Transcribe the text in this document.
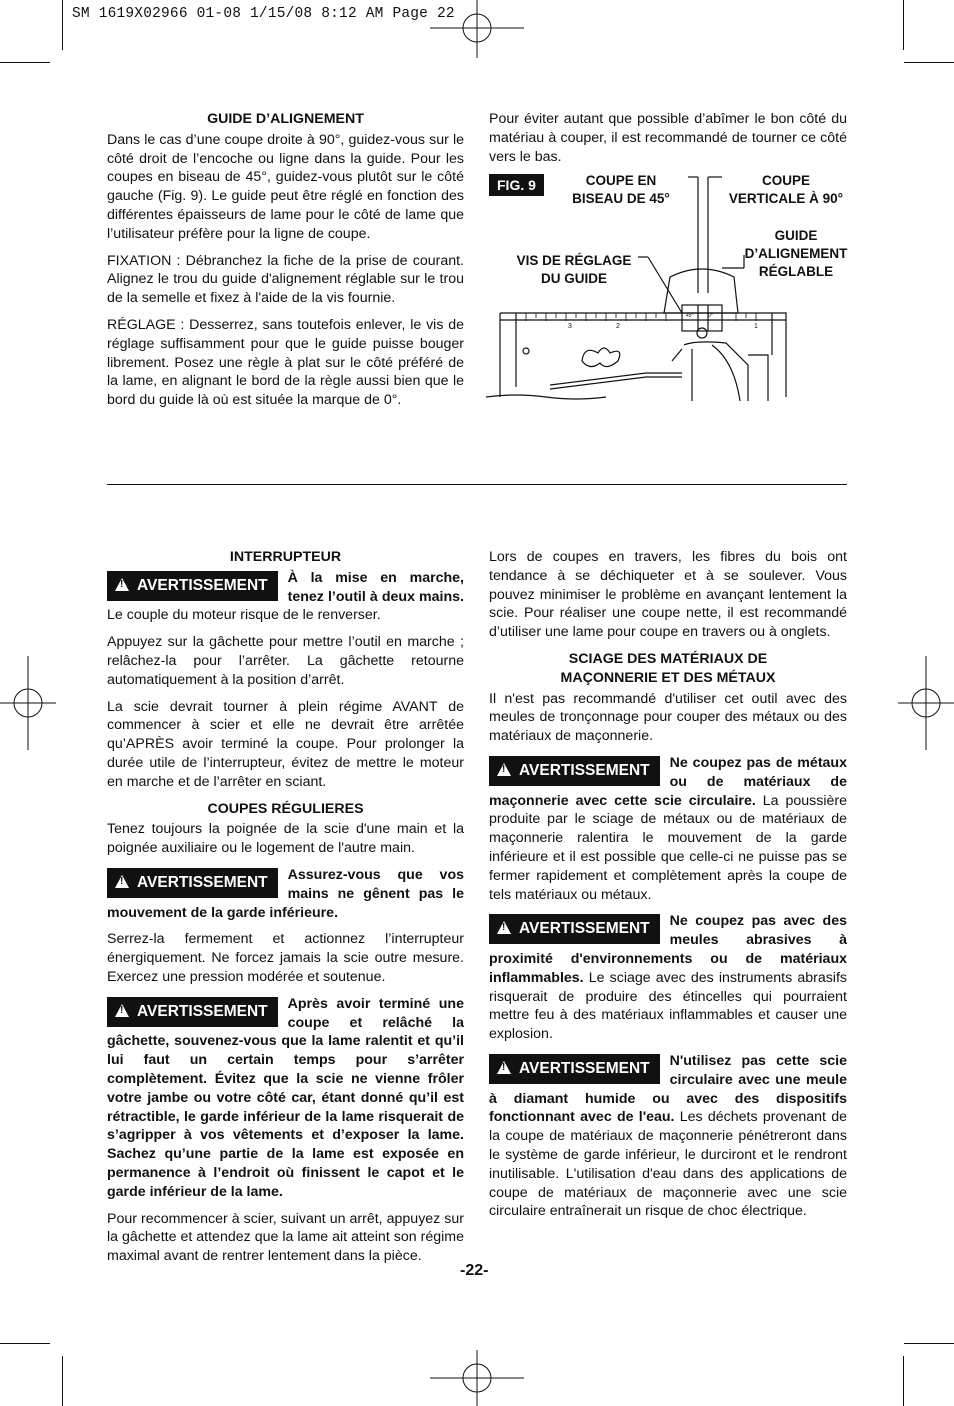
SM 1619X02966 01-08 1/15/08 8:12 AM Page 22

GUIDE D’ALIGNEMENT

Dans le cas d’une coupe droite à 90°, guidez-vous sur le côté droit de l’encoche ou ligne dans la guide. Pour les coupes en biseau de 45°, guidez-vous plutôt sur le côté gauche (Fig. 9). Le guide peut être réglé en fonction des différentes épaisseurs de lame pour le côté de lame que l’utilisateur préfère pour la ligne de coupe.

FIXATION : Débranchez la fiche de la prise de courant. Alignez le trou du guide d'alignement réglable sur le trou de la semelle et fixez à l'aide de la vis fournie.

RÉGLAGE : Desserrez, sans toutefois enlever, le vis de réglage suffisamment pour que le guide puisse bouger librement. Posez une règle à plat sur le côté préféré de la lame, en alignant le bord de la règle aussi bien que le bord du guide là où est située la marque de 0°.

Pour éviter autant que possible d’abîmer le bon côté du matériau à couper, il est recommandé de tourner ce côté vers le bas.

FIG. 9	COUPE EN
BISEAU DE 45°
COUPE
VERTICALE À 90°
GUIDE
D’ALIGNEMENT
RÉGLABLE
VIS DE RÉGLAGE
DU GUIDE
3	2	1
45°	0°

INTERRUPTEUR

!AVERTISSEMENT	À la mise en marche, tenez l’outil à deux mains. Le couple du moteur risque de le renverser.

Appuyez sur la gâchette pour mettre l’outil en marche ; relâchez-la pour l’arrêter. La gâchette retourne automatiquement à la position d’arrêt.

La scie devrait tourner à plein régime AVANT de commencer à scier et elle ne devrait être arrêtée qu’APRÈS avoir terminé la coupe. Pour prolonger la durée utile de l’interrupteur, évitez de mettre le moteur en marche et de l’arrêter en sciant.

COUPES RÉGULIERES

Tenez toujours la poignée de la scie d'une main et la poignée auxiliaire ou le logement de l'autre main.

!AVERTISSEMENT	Assurez-vous que vos mains ne gênent pas le mouvement de la garde inférieure.

Serrez-la fermement et actionnez l’interrupteur énergiquement. Ne forcez jamais la scie outre mesure. Exercez une pression modérée et soutenue.

!AVERTISSEMENT	Après avoir terminé une coupe et relâché la gâchette, souvenez-vous que la lame ralentit et qu’il lui faut un certain temps pour s’arrêter complètement. Évitez que la scie ne vienne frôler votre jambe ou votre côté car, étant donné qu’il est rétractible, le garde inférieur de la lame risquerait de s’agripper à vos vêtements et d’exposer la lame. Sachez qu’une partie de la lame est exposée en permanence à l’endroit où finissent le capot et le garde inférieur de la lame.

Pour recommencer à scier, suivant un arrêt, appuyez sur la gâchette et attendez que la lame ait atteint son régime maximal avant de rentrer lentement dans la pièce.

Lors de coupes en travers, les fibres du bois ont tendance à se déchiqueter et à se soulever. Vous pouvez minimiser le problème en avançant lentement la scie. Pour réaliser une coupe nette, il est recommandé d’utiliser une lame pour coupe en travers ou à onglets.

SCIAGE DES MATÉRIAUX DE

MAÇONNERIE ET DES MÉTAUX

Il n'est pas recommandé d'utiliser cet outil avec des meules de tronçonnage pour couper des métaux ou des matériaux de maçonnerie.

!AVERTISSEMENT	Ne coupez pas de métaux ou de matériaux de maçonnerie avec cette scie circulaire. La poussière produite par le sciage de métaux ou de matériaux de maçonnerie ralentira le mouvement de la garde inférieure et il est possible que celle-ci ne puisse pas se fermer rapidement et complètement après la coupe de tels matériaux ou métaux.
!AVERTISSEMENT	Ne coupez pas avec des meules abrasives à proximité d'environnements ou de matériaux inflammables. Le sciage avec des instruments abrasifs risquerait de produire des étincelles qui pourraient mettre feu à des matériaux inflammables et causer une explosion.
!AVERTISSEMENT	N'utilisez pas cette scie circulaire avec une meule à diamant humide ou avec des dispositifs fonctionnant avec de l'eau. Les déchets provenant de la coupe de matériaux de maçonnerie pénétreront dans le système de garde inférieur, le durciront et le rendront inutilisable. L'utilisation d'eau dans des applications de coupe de matériaux de maçonnerie avec une scie circulaire entraînerait un risque de choc électrique.
-22-
